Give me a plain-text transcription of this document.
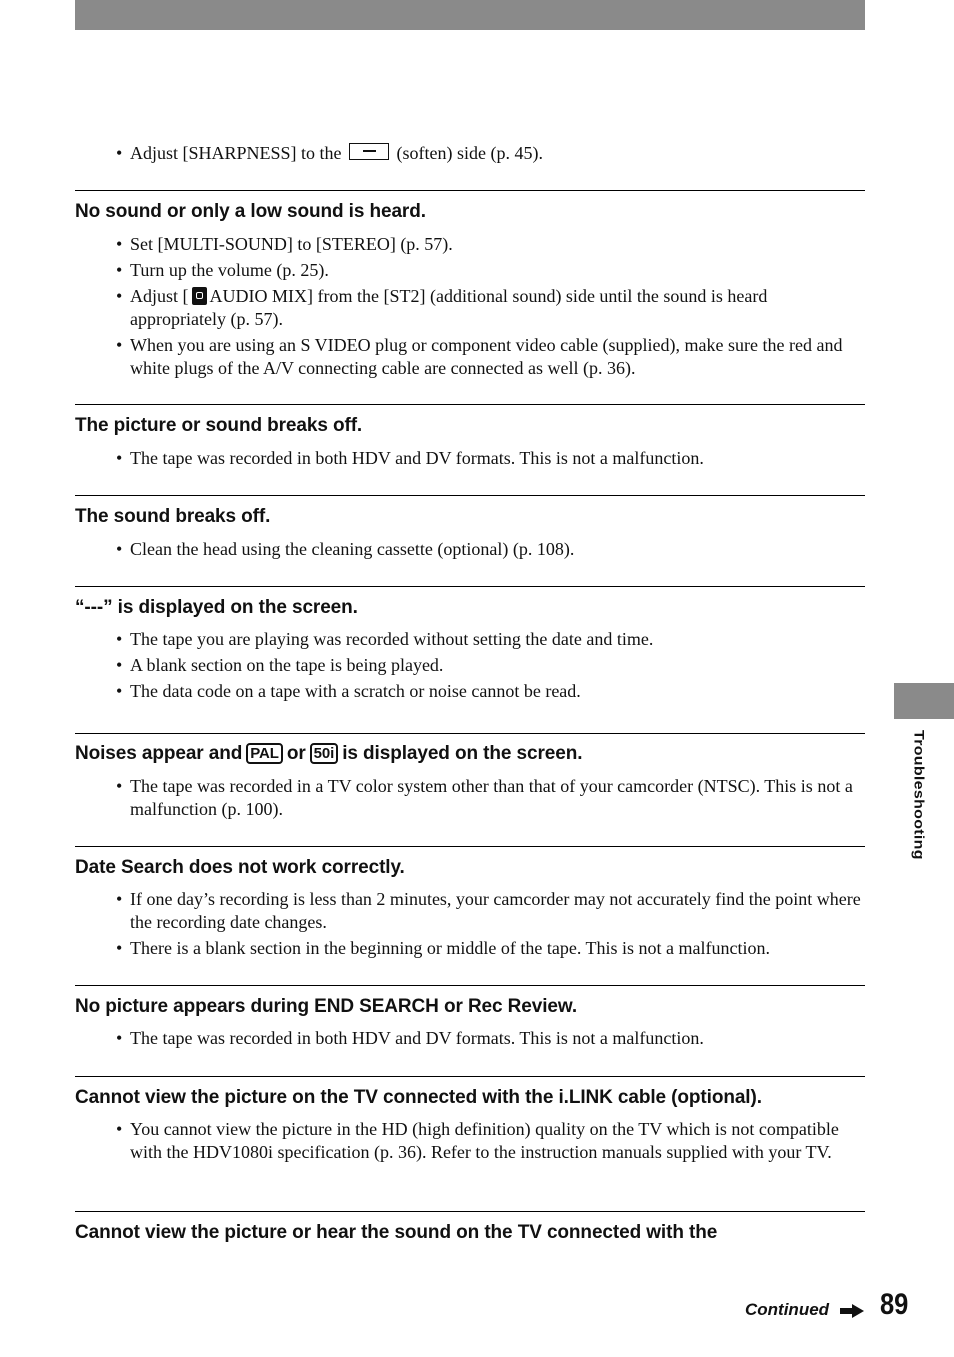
Troubleshooting
• Adjust [SHARPNESS] to the	(soften) side (p. 45).
No sound or only a low sound is heard.
• Set [MULTI-SOUND] to [STEREO] (p. 57).
• Turn up the volume (p. 25).
• Adjust [ AUDIO MIX] from the [ST2] (additional sound) side until the sound is heard appropriately (p. 57).
• When you are using an S VIDEO plug or component video cable (supplied), make sure the red and white plugs of the A/V connecting cable are connected as well (p. 36).
The picture or sound breaks off.
• The tape was recorded in both HDV and DV formats. This is not a malfunction.
The sound breaks off.
• Clean the head using the cleaning cassette (optional) (p. 108).
“---” is displayed on the screen.
• The tape you are playing was recorded without setting the date and time.
• A blank section on the tape is being played.
• The data code on a tape with a scratch or noise cannot be read.
Noises appear and PAL or 50i is displayed on the screen.
• The tape was recorded in a TV color system other than that of your camcorder (NTSC). This is not a malfunction (p. 100).
Date Search does not work correctly.
• If one day’s recording is less than 2 minutes, your camcorder may not accurately find the point where the recording date changes.
• There is a blank section in the beginning or middle of the tape. This is not a malfunction.
No picture appears during END SEARCH or Rec Review.
• The tape was recorded in both HDV and DV formats. This is not a malfunction.
Cannot view the picture on the TV connected with the i.LINK cable (optional).
• You cannot view the picture in the HD (high definition) quality on the TV which is not compatible with the HDV1080i specification (p. 36). Refer to the instruction manuals supplied with your TV.
Cannot view the picture or hear the sound on the TV connected with the
Continued 89
